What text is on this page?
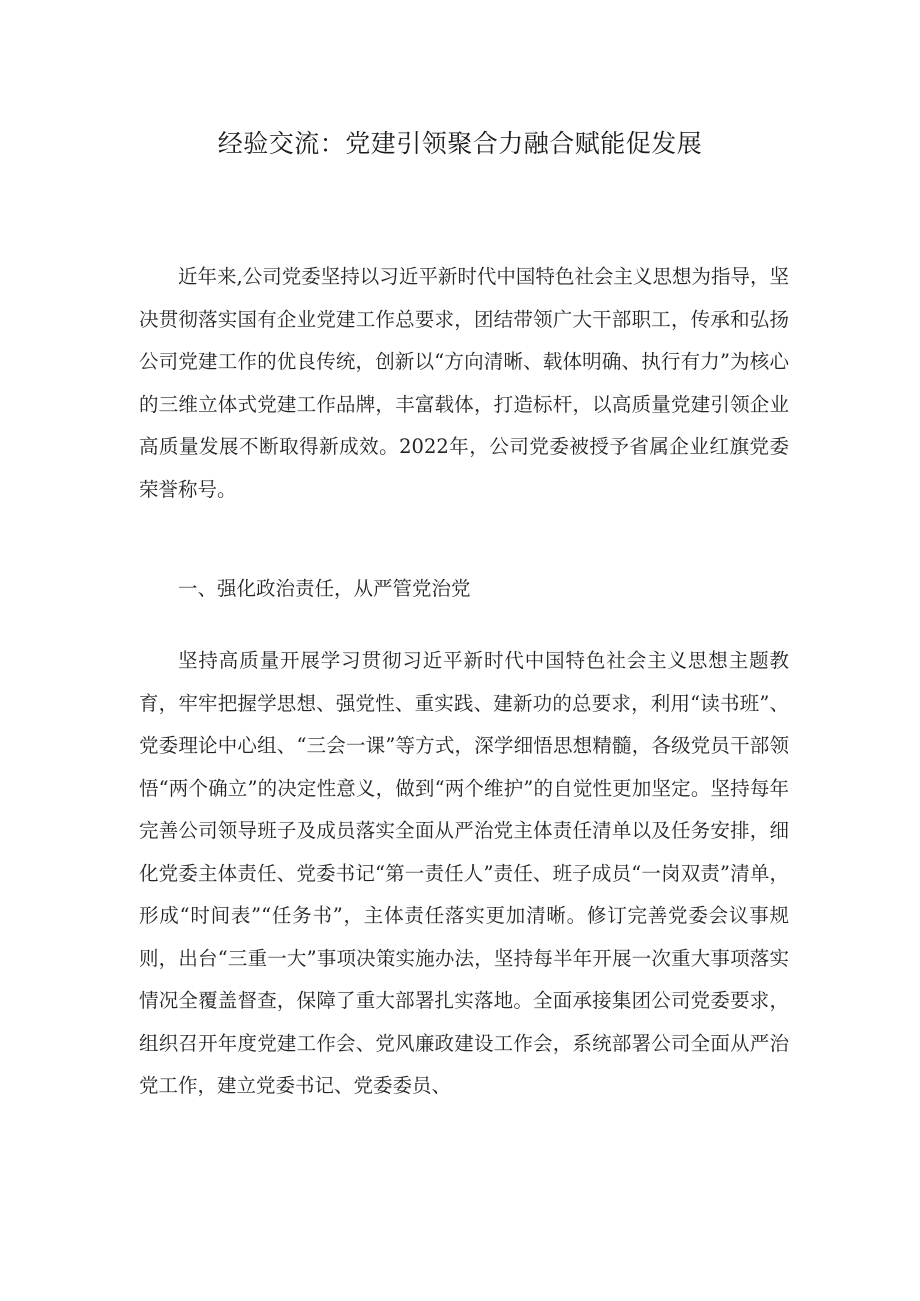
经验交流：党建引领聚合力融合赋能促发展

近年来,公司党委坚持以习近平新时代中国特色社会主义思想为指导，坚决贯彻落实国有企业党建工作总要求，团结带领广大干部职工，传承和弘扬公司党建工作的优良传统，创新以“方向清晰、载体明确、执行有力”为核心的三维立体式党建工作品牌，丰富载体，打造标杆，以高质量党建引领企业高质量发展不断取得新成效。2022年，公司党委被授予省属企业红旗党委荣誉称号。

一、强化政治责任，从严管党治党

坚持高质量开展学习贯彻习近平新时代中国特色社会主义思想主题教育，牢牢把握学思想、强党性、重实践、建新功的总要求，利用“读书班”、党委理论中心组、“三会一课”等方式，深学细悟思想精髓，各级党员干部领悟“两个确立”的决定性意义，做到“两个维护”的自觉性更加坚定。坚持每年完善公司领导班子及成员落实全面从严治党主体责任清单以及任务安排，细化党委主体责任、党委书记“第一责任人”责任、班子成员“一岗双责”清单，形成“时间表”“任务书”，主体责任落实更加清晰。修订完善党委会议事规则，出台“三重一大”事项决策实施办法，坚持每半年开展一次重大事项落实情况全覆盖督查，保障了重大部署扎实落地。全面承接集团公司党委要求，组织召开年度党建工作会、党风廉政建设工作会，系统部署公司全面从严治党工作，建立党委书记、党委委员、
